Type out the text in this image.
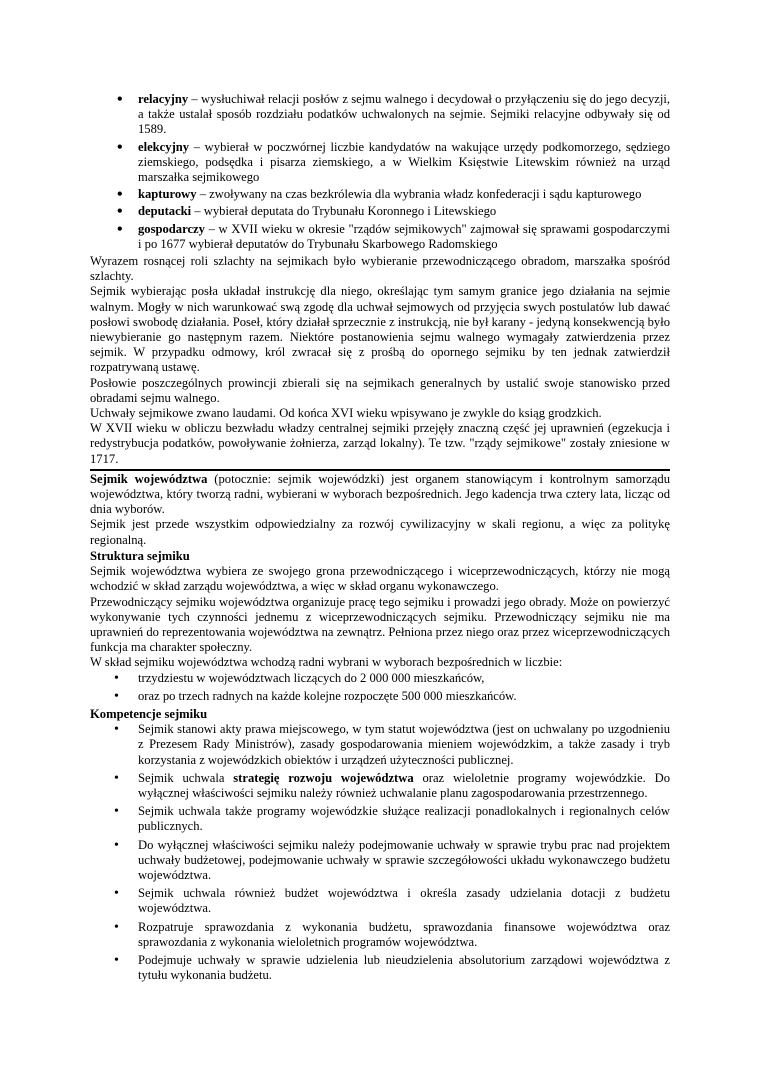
• relacyjny – wysłuchiwał relacji posłów z sejmu walnego i decydował o przyłączeniu się do jego decyzji, a także ustalał sposób rozdziału podatków uchwalonych na sejmie. Sejmiki relacyjne odbywały się od 1589.
• elekcyjny – wybierał w poczwórnej liczbie kandydatów na wakujące urzędy podkomorzego, sędziego ziemskiego, podsędka i pisarza ziemskiego, a w Wielkim Księstwie Litewskim również na urząd marszałka sejmikowego
• kapturowy – zwoływany na czas bezkrólewia dla wybrania władz konfederacji i sądu kapturowego
• deputacki – wybierał deputata do Trybunału Koronnego i Litewskiego
• gospodarczy – w XVII wieku w okresie "rządów sejmikowych" zajmował się sprawami gospodarczymi i po 1677 wybierał deputatów do Trybunału Skarbowego Radomskiego

Wyrazem rosnącej roli szlachty na sejmikach było wybieranie przewodniczącego obradom, marszałka spośród szlachty.

Sejmik wybierając posła układał instrukcję dla niego, określając tym samym granice jego działania na sejmie walnym. Mogły w nich warunkować swą zgodę dla uchwał sejmowych od przyjęcia swych postulatów lub dawać posłowi swobodę działania. Poseł, który działał sprzecznie z instrukcją, nie był karany - jedyną konsekwencją było niewybieranie go następnym razem. Niektóre postanowienia sejmu walnego wymagały zatwierdzenia przez sejmik. W przypadku odmowy, król zwracał się z prośbą do opornego sejmiku by ten jednak zatwierdził rozpatrywaną ustawę.

Posłowie poszczególnych prowincji zbierali się na sejmikach generalnych by ustalić swoje stanowisko przed obradami sejmu walnego.

Uchwały sejmikowe zwano laudami. Od końca XVI wieku wpisywano je zwykle do ksiąg grodzkich.

W XVII wieku w obliczu bezwładu władzy centralnej sejmiki przejęły znaczną część jej uprawnień (egzekucja i redystrybucja podatków, powoływanie żołnierza, zarząd lokalny). Te tzw. "rządy sejmikowe" zostały zniesione w 1717.

Sejmik województwa (potocznie: sejmik wojewódzki) jest organem stanowiącym i kontrolnym samorządu województwa, który tworzą radni, wybierani w wyborach bezpośrednich. Jego kadencja trwa cztery lata, licząc od dnia wyborów.

Sejmik jest przede wszystkim odpowiedzialny za rozwój cywilizacyjny w skali regionu, a więc za politykę regionalną.

Struktura sejmiku

Sejmik województwa wybiera ze swojego grona przewodniczącego i wiceprzewodniczących, którzy nie mogą wchodzić w skład zarządu województwa, a więc w skład organu wykonawczego.

Przewodniczący sejmiku województwa organizuje pracę tego sejmiku i prowadzi jego obrady. Może on powierzyć wykonywanie tych czynności jednemu z wiceprzewodniczących sejmiku. Przewodniczący sejmiku nie ma uprawnień do reprezentowania województwa na zewnątrz. Pełniona przez niego oraz przez wiceprzewodniczących funkcja ma charakter społeczny.

W skład sejmiku województwa wchodzą radni wybrani w wyborach bezpośrednich w liczbie:

• trzydziestu w województwach liczących do 2 000 000 mieszkańców,
• oraz po trzech radnych na każde kolejne rozpoczęte 500 000 mieszkańców.
Kompetencje sejmiku
• Sejmik stanowi akty prawa miejscowego, w tym statut województwa (jest on uchwalany po uzgodnieniu z Prezesem Rady Ministrów), zasady gospodarowania mieniem wojewódzkim, a także zasady i tryb korzystania z wojewódzkich obiektów i urządzeń użyteczności publicznej.
• Sejmik uchwala strategię rozwoju województwa oraz wieloletnie programy wojewódzkie. Do wyłącznej właściwości sejmiku należy również uchwalanie planu zagospodarowania przestrzennego.
• Sejmik uchwala także programy wojewódzkie służące realizacji ponadlokalnych i regionalnych celów publicznych.
• Do wyłącznej właściwości sejmiku należy podejmowanie uchwały w sprawie trybu prac nad projektem uchwały budżetowej, podejmowanie uchwały w sprawie szczegółowości układu wykonawczego budżetu województwa.
• Sejmik uchwala również budżet województwa i określa zasady udzielania dotacji z budżetu województwa.
• Rozpatruje sprawozdania z wykonania budżetu, sprawozdania finansowe województwa oraz sprawozdania z wykonania wieloletnich programów województwa.
• Podejmuje uchwały w sprawie udzielenia lub nieudzielenia absolutorium zarządowi województwa z tytułu wykonania budżetu.
